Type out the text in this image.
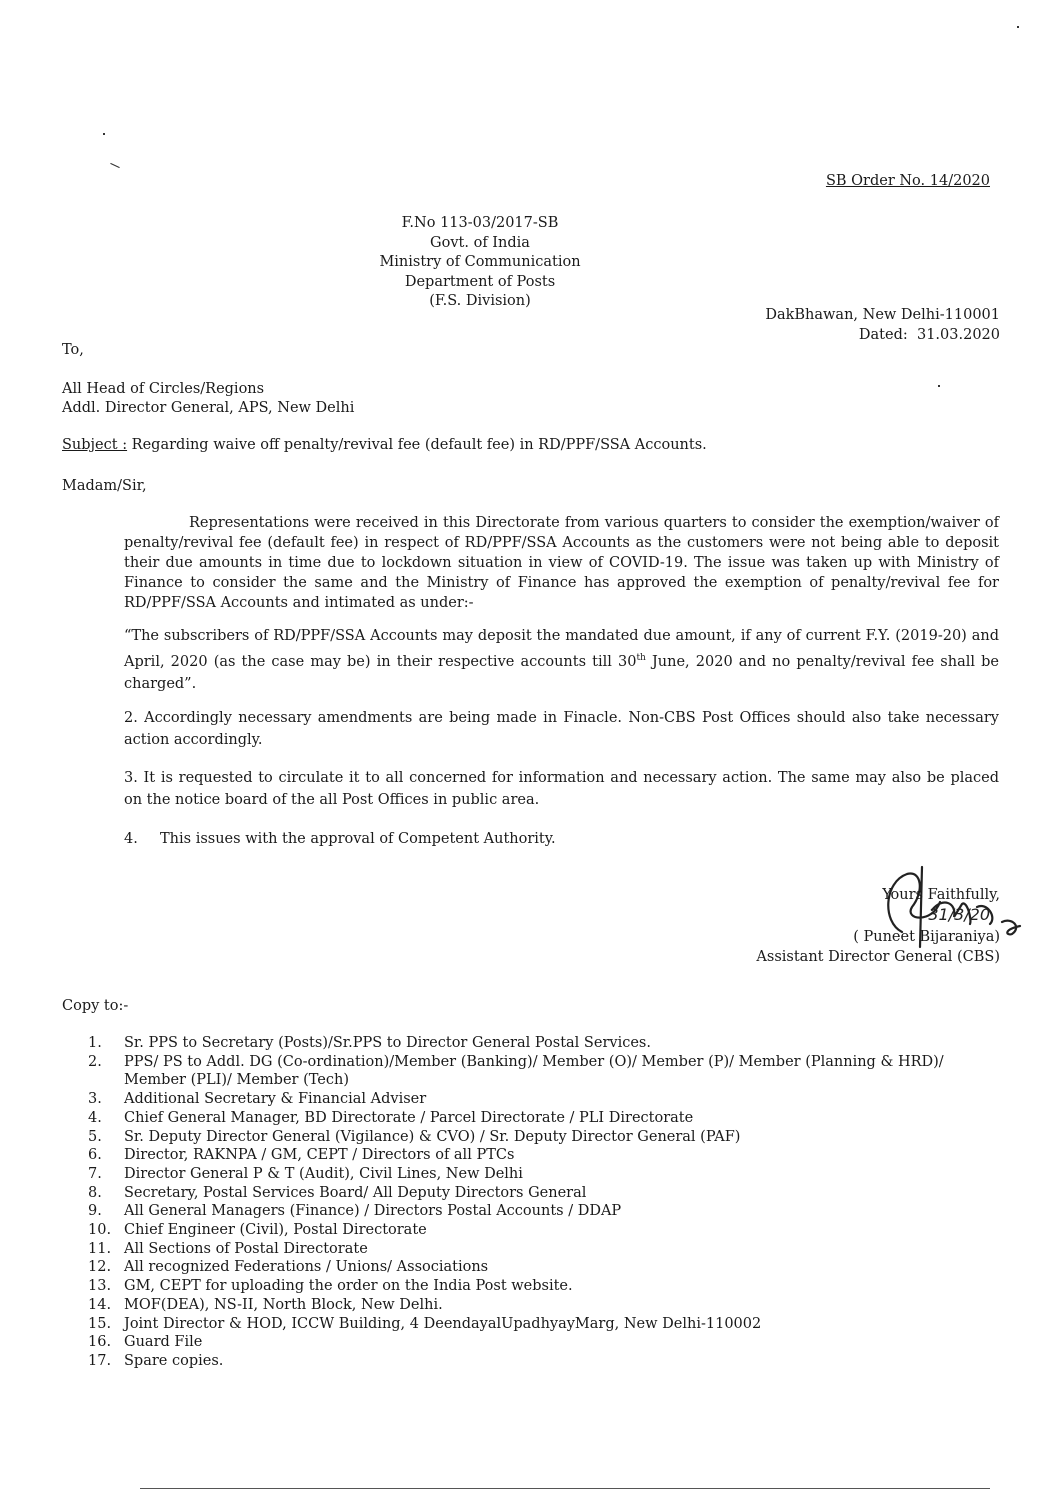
SB Order No. 14/2020
F.No 113-03/2017-SB
Govt. of India
Ministry of Communication
Department of Posts
(F.S. Division)
DakBhawan, New Delhi-110001
Dated: 31.03.2020
To,
All Head of Circles/Regions
Addl. Director General, APS, New Delhi
Subject : Regarding waive off penalty/revival fee (default fee) in RD/PPF/SSA Accounts.
Madam/Sir,
Representations were received in this Directorate from various quarters to consider the exemption/waiver of penalty/revival fee (default fee) in respect of RD/PPF/SSA Accounts as the customers were not being able to deposit their due amounts in time due to lockdown situation in view of COVID-19. The issue was taken up with Ministry of Finance to consider the same and the Ministry of Finance has approved the exemption of penalty/revival fee for RD/PPF/SSA Accounts and intimated as under:-
“The subscribers of RD/PPF/SSA Accounts may deposit the mandated due amount, if any of current F.Y. (2019-20) and April, 2020 (as the case may be) in their respective accounts till 30th June, 2020 and no penalty/revival fee shall be charged”.
2. Accordingly necessary amendments are being made in Finacle. Non-CBS Post Offices should also take necessary action accordingly.
3. It is requested to circulate it to all concerned for information and necessary action. The same may also be placed on the notice board of the all Post Offices in public area.
4. This issues with the approval of Competent Authority.
Yours Faithfully,
31/3/20
( Puneet Bijaraniya)
Assistant Director General (CBS)
Copy to:-
1.	Sr. PPS to Secretary (Posts)/Sr.PPS to Director General Postal Services.
2.	PPS/ PS to Addl. DG (Co-ordination)/Member (Banking)/ Member (O)/ Member (P)/ Member (Planning & HRD)/ Member (PLI)/ Member (Tech)
3.	Additional Secretary & Financial Adviser
4.	Chief General Manager, BD Directorate / Parcel Directorate / PLI Directorate
5.	Sr. Deputy Director General (Vigilance) & CVO) / Sr. Deputy Director General (PAF)
6.	Director, RAKNPA / GM, CEPT / Directors of all PTCs
7.	Director General P & T (Audit), Civil Lines, New Delhi
8.	Secretary, Postal Services Board/ All Deputy Directors General
9.	All General Managers (Finance) / Directors Postal Accounts / DDAP
10. Chief Engineer (Civil), Postal Directorate
11. All Sections of Postal Directorate
12. All recognized Federations / Unions/ Associations
13. GM, CEPT for uploading the order on the India Post website.
14. MOF(DEA), NS-II, North Block, New Delhi.
15. Joint Director & HOD, ICCW Building, 4 DeendayalUpadhyayMarg, New Delhi-110002
16. Guard File
17. Spare copies.
